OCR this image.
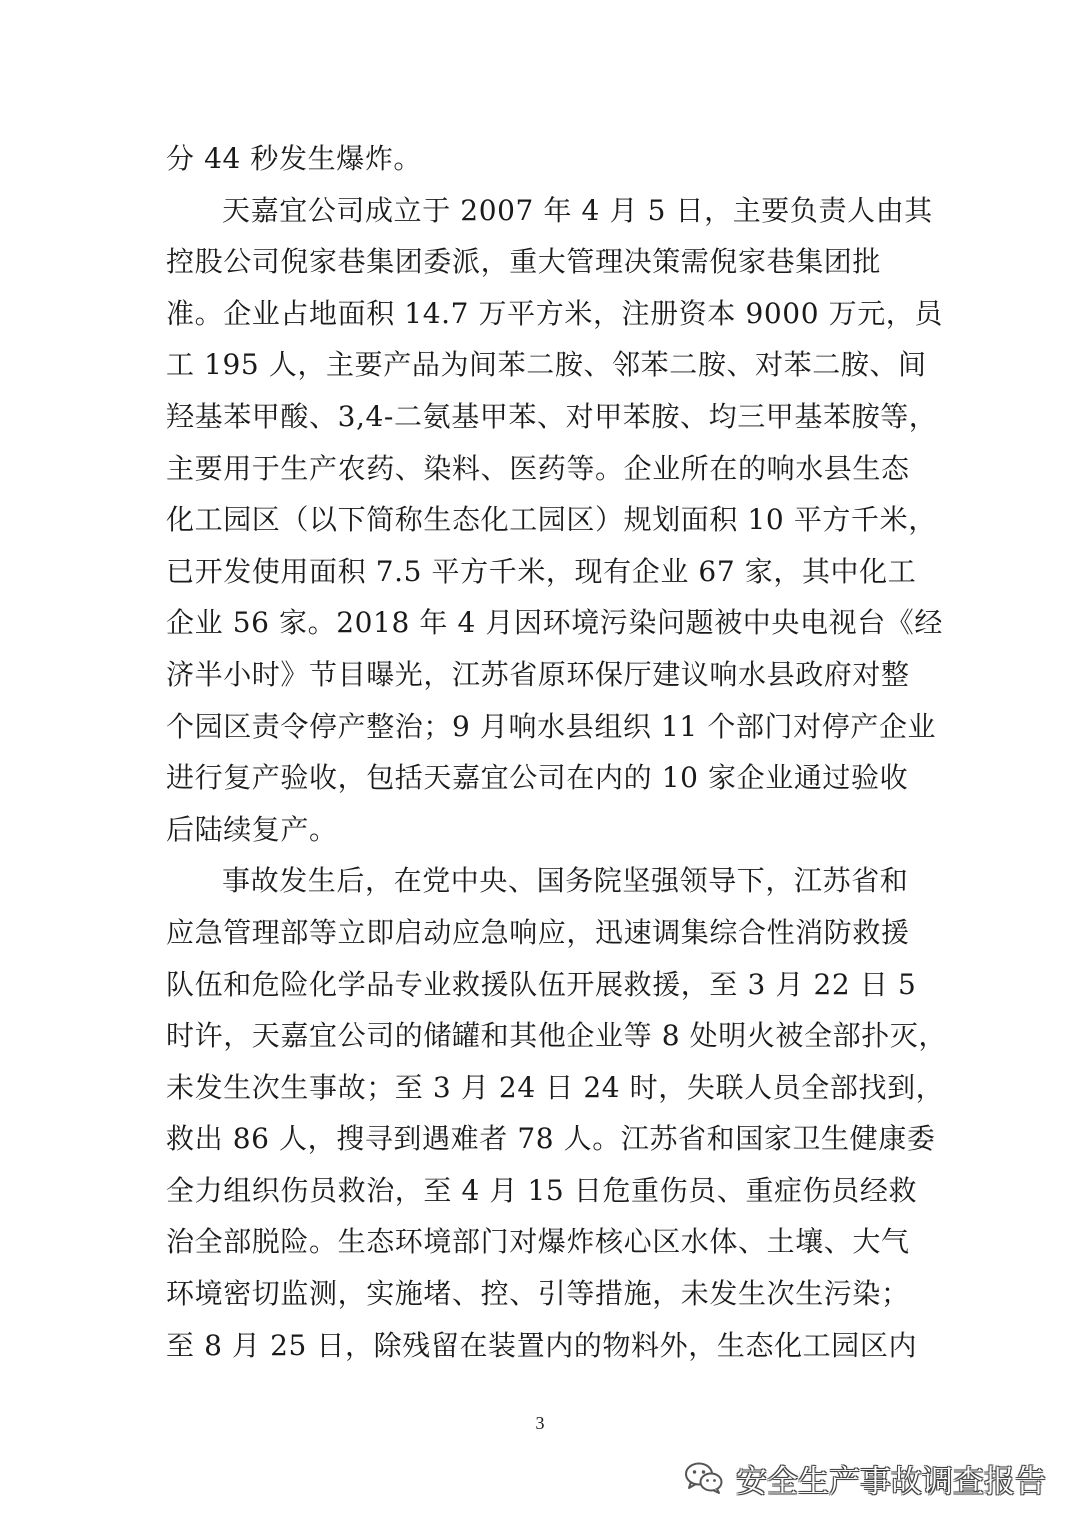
分 44 秒发生爆炸。
天嘉宜公司成立于 2007 年 4 月 5 日，主要负责人由其
控股公司倪家巷集团委派，重大管理决策需倪家巷集团批
准。企业占地面积 14.7 万平方米，注册资本 9000 万元，员
工 195 人，主要产品为间苯二胺、邻苯二胺、对苯二胺、间
羟基苯甲酸、3,4-二氨基甲苯、对甲苯胺、均三甲基苯胺等，
主要用于生产农药、染料、医药等。企业所在的响水县生态
化工园区（以下简称生态化工园区）规划面积 10 平方千米，
已开发使用面积 7.5 平方千米，现有企业 67 家，其中化工
企业 56 家。2018 年 4 月因环境污染问题被中央电视台《经
济半小时》节目曝光，江苏省原环保厅建议响水县政府对整
个园区责令停产整治；9 月响水县组织 11 个部门对停产企业
进行复产验收，包括天嘉宜公司在内的 10 家企业通过验收
后陆续复产。
事故发生后，在党中央、国务院坚强领导下，江苏省和
应急管理部等立即启动应急响应，迅速调集综合性消防救援
队伍和危险化学品专业救援队伍开展救援，至 3 月 22 日 5
时许，天嘉宜公司的储罐和其他企业等 8 处明火被全部扑灭，
未发生次生事故；至 3 月 24 日 24 时，失联人员全部找到，
救出 86 人，搜寻到遇难者 78 人。江苏省和国家卫生健康委
全力组织伤员救治，至 4 月 15 日危重伤员、重症伤员经救
治全部脱险。生态环境部门对爆炸核心区水体、土壤、大气
环境密切监测，实施堵、控、引等措施，未发生次生污染；
至 8 月 25 日，除残留在装置内的物料外，生态化工园区内
3
安全生产事故调查报告
